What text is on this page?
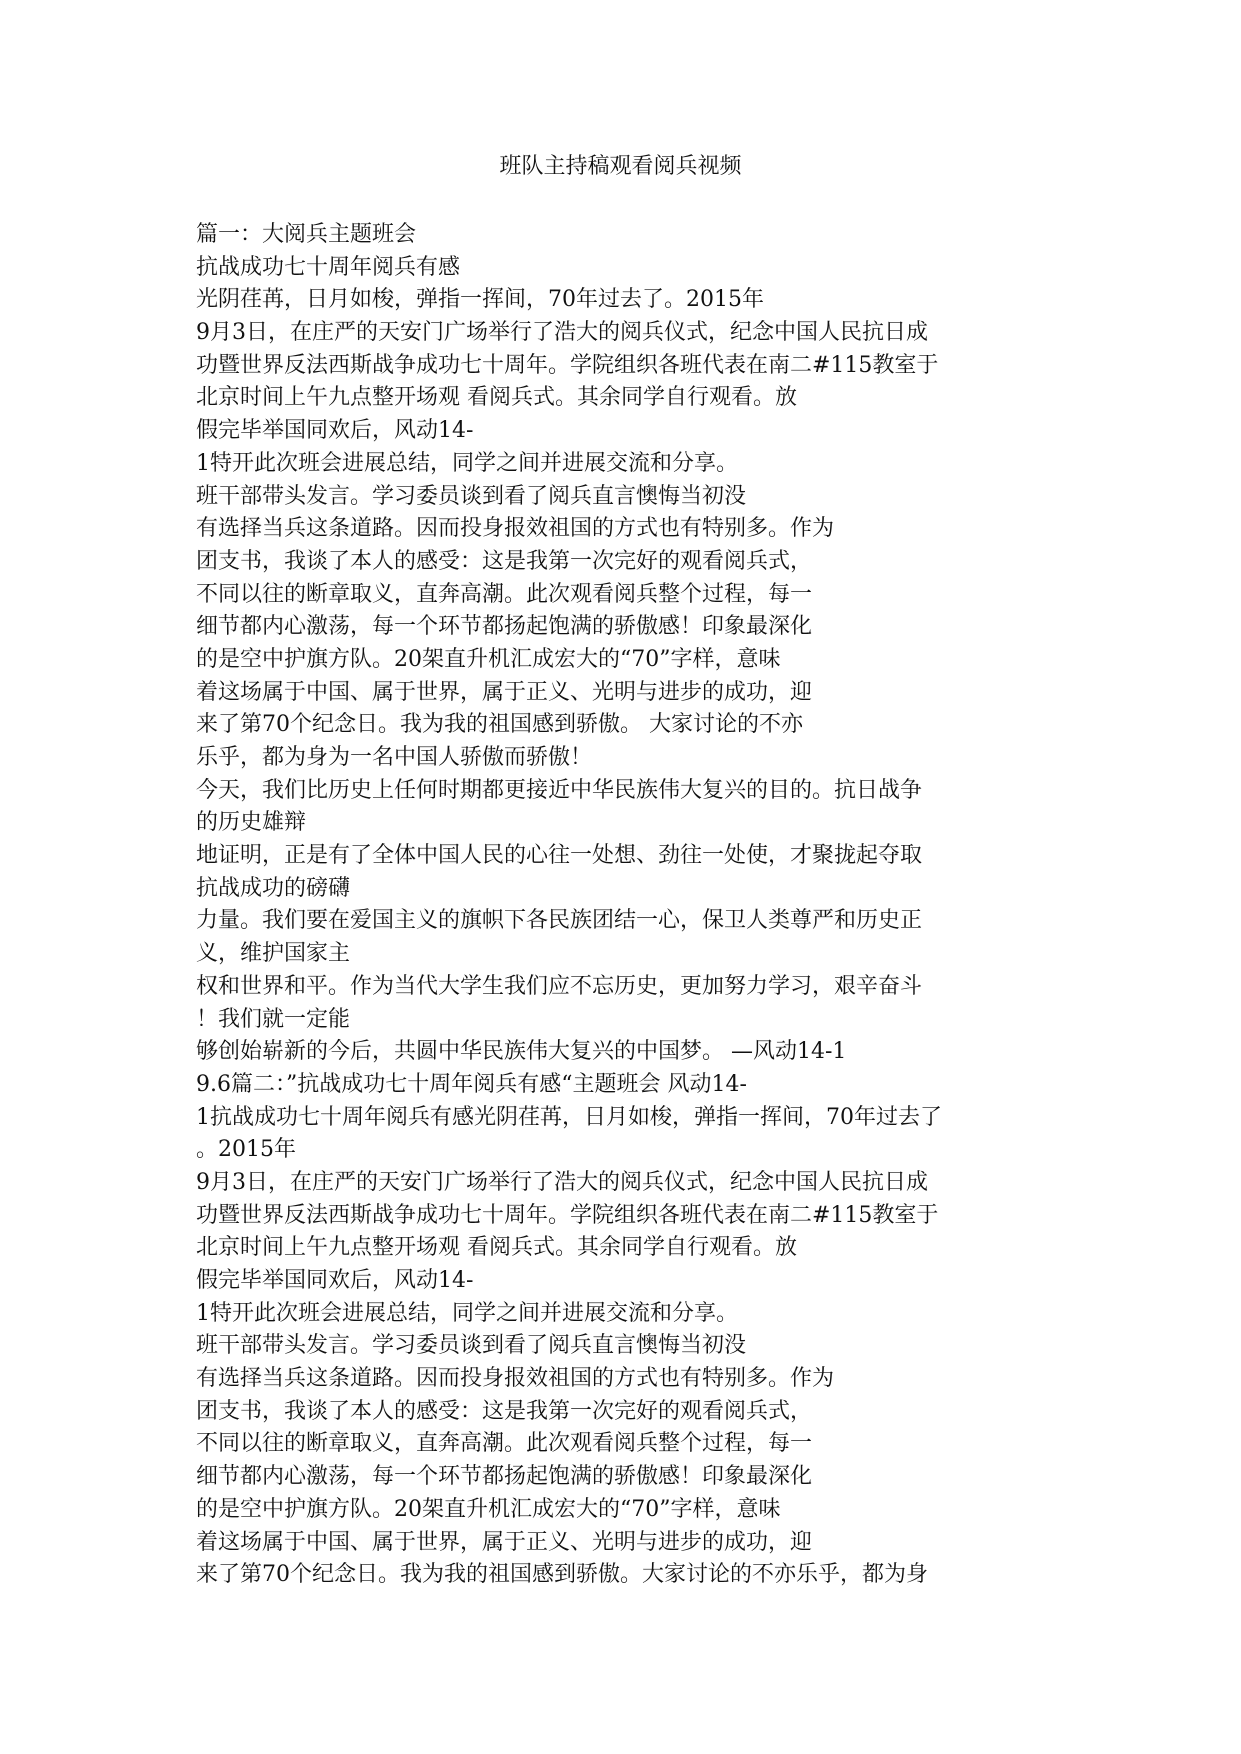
班队主持稿观看阅兵视频
篇一：大阅兵主题班会
抗战成功七十周年阅兵有感
光阴荏苒，日月如梭，弹指一挥间，70年过去了。2015年
9月3日，在庄严的天安门广场举行了浩大的阅兵仪式，纪念中国人民抗日成
功暨世界反法西斯战争成功七十周年。学院组织各班代表在南二#115教室于
北京时间上午九点整开场观 看阅兵式。其余同学自行观看。放
假完毕举国同欢后，风动14-
1特开此次班会进展总结，同学之间并进展交流和分享。
班干部带头发言。学习委员谈到看了阅兵直言懊悔当初没
有选择当兵这条道路。因而投身报效祖国的方式也有特别多。作为
团支书，我谈了本人的感受：这是我第一次完好的观看阅兵式，
不同以往的断章取义，直奔高潮。此次观看阅兵整个过程，每一
细节都内心激荡，每一个环节都扬起饱满的骄傲感！印象最深化
的是空中护旗方队。20架直升机汇成宏大的“70”字样，意味
着这场属于中国、属于世界，属于正义、光明与进步的成功，迎
来了第70个纪念日。我为我的祖国感到骄傲。 大家讨论的不亦
乐乎，都为身为一名中国人骄傲而骄傲！
今天，我们比历史上任何时期都更接近中华民族伟大复兴的目的。抗日战争
的历史雄辩
地证明，正是有了全体中国人民的心往一处想、劲往一处使，才聚拢起夺取
抗战成功的磅礴
力量。我们要在爱国主义的旗帜下各民族团结一心，保卫人类尊严和历史正
义，维护国家主
权和世界和平。作为当代大学生我们应不忘历史，更加努力学习，艰辛奋斗
！我们就一定能
够创始崭新的今后，共圆中华民族伟大复兴的中国梦。 —风动14-1
9.6篇二：”抗战成功七十周年阅兵有感“主题班会 风动14-
1抗战成功七十周年阅兵有感光阴荏苒，日月如梭，弹指一挥间，70年过去了
。2015年
9月3日，在庄严的天安门广场举行了浩大的阅兵仪式，纪念中国人民抗日成
功暨世界反法西斯战争成功七十周年。学院组织各班代表在南二#115教室于
北京时间上午九点整开场观 看阅兵式。其余同学自行观看。放
假完毕举国同欢后，风动14-
1特开此次班会进展总结，同学之间并进展交流和分享。
班干部带头发言。学习委员谈到看了阅兵直言懊悔当初没
有选择当兵这条道路。因而投身报效祖国的方式也有特别多。作为
团支书，我谈了本人的感受：这是我第一次完好的观看阅兵式，
不同以往的断章取义，直奔高潮。此次观看阅兵整个过程，每一
细节都内心激荡，每一个环节都扬起饱满的骄傲感！印象最深化
的是空中护旗方队。20架直升机汇成宏大的“70”字样，意味
着这场属于中国、属于世界，属于正义、光明与进步的成功，迎
来了第70个纪念日。我为我的祖国感到骄傲。大家讨论的不亦乐乎，都为身
